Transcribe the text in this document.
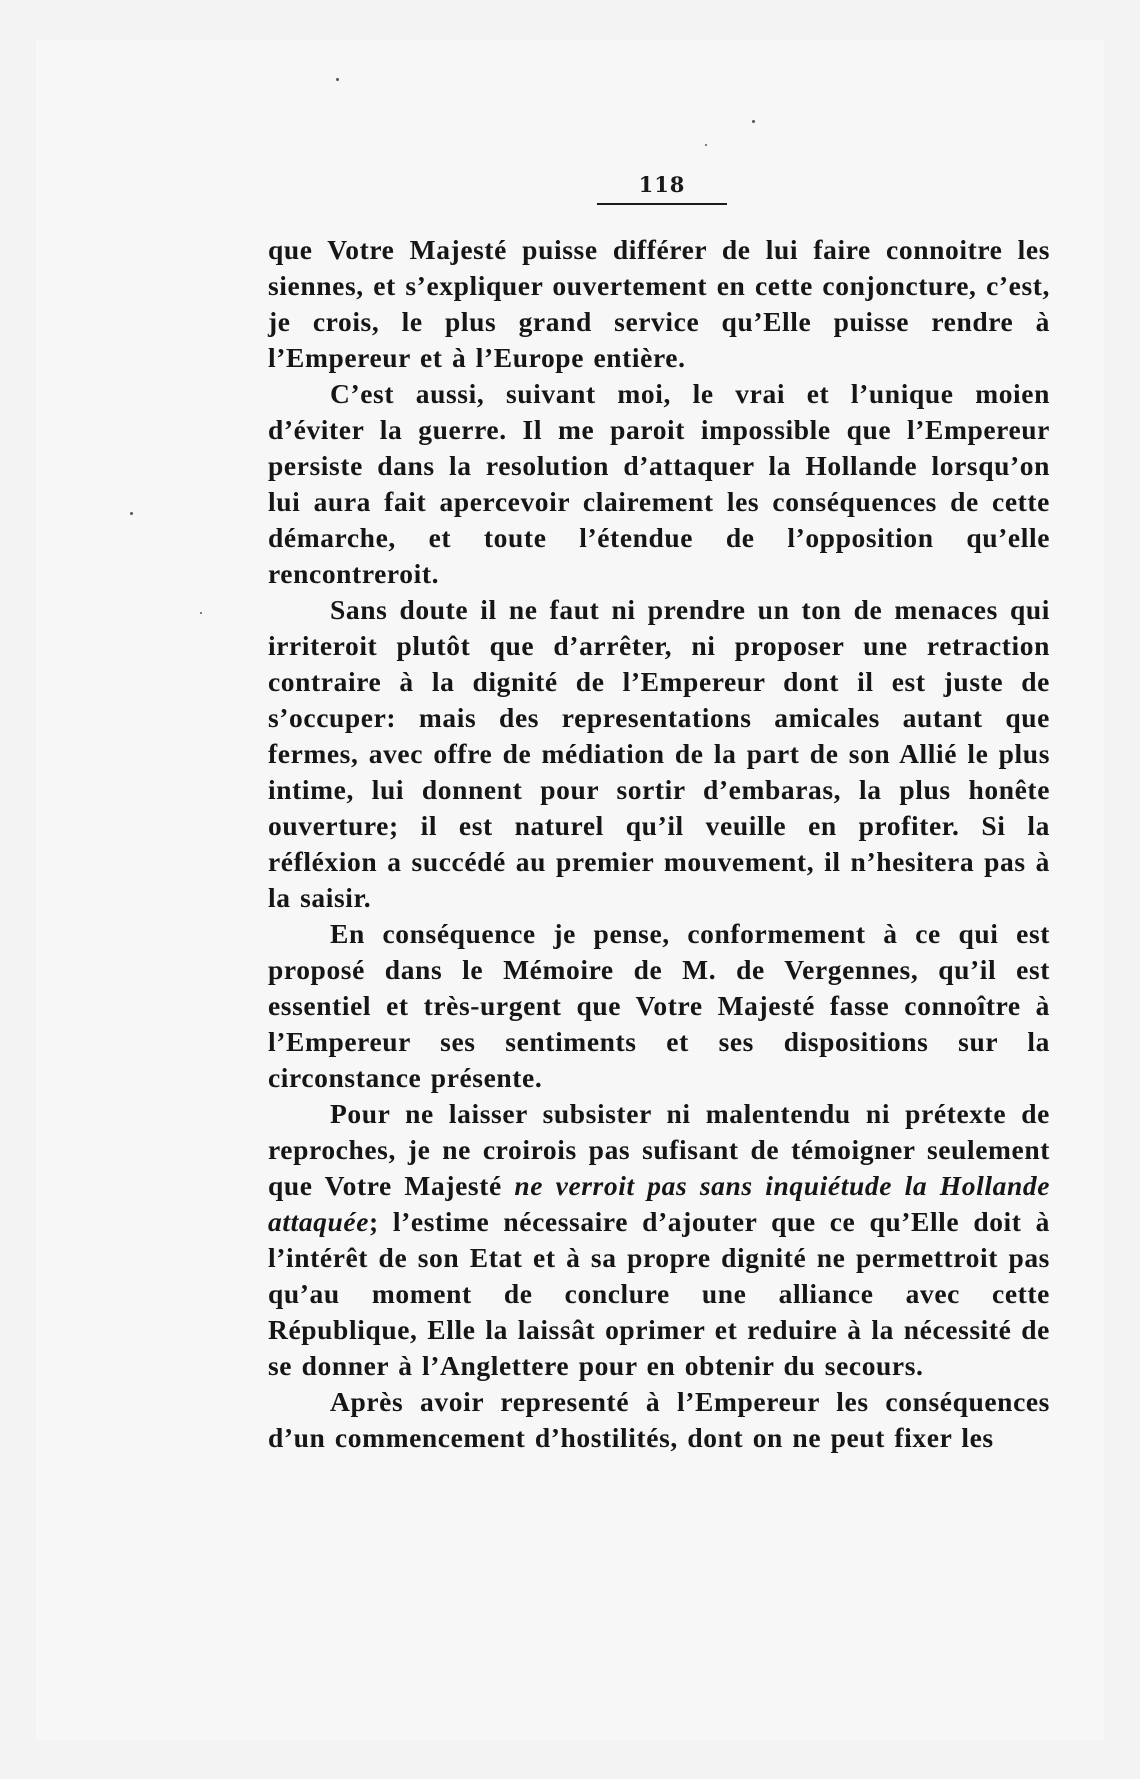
118

que Votre Majesté puisse différer de lui faire connoitre les siennes, et s’expliquer ouvertement en cette conjoncture, c’est, je crois, le plus grand service qu’Elle puisse rendre à l’Empereur et à l’Europe entière.

C’est aussi, suivant moi, le vrai et l’unique moien d’éviter la guerre. Il me paroit impossible que l’Empereur persiste dans la resolution d’attaquer la Hollande lorsqu’on lui aura fait apercevoir clairement les conséquences de cette démarche, et toute l’étendue de l’opposition qu’elle rencontreroit.

Sans doute il ne faut ni prendre un ton de menaces qui irriteroit plutôt que d’arrêter, ni proposer une retraction contraire à la dignité de l’Empereur dont il est juste de s’occuper: mais des representations amicales autant que fermes, avec offre de médiation de la part de son Allié le plus intime, lui donnent pour sortir d’embaras, la plus honête ouverture; il est naturel qu’il veuille en profiter. Si la réfléxion a succédé au premier mouvement, il n’hesitera pas à la saisir.

En conséquence je pense, conformement à ce qui est proposé dans le Mémoire de M. de Vergennes, qu’il est essentiel et très-urgent que Votre Majesté fasse connoître à l’Empereur ses sentiments et ses dispositions sur la circonstance présente.

Pour ne laisser subsister ni malentendu ni prétexte de reproches, je ne croirois pas sufisant de témoigner seulement que Votre Majesté ne verroit pas sans inquiétude la Hollande attaquée; l’estime nécessaire d’ajouter que ce qu’Elle doit à l’intérêt de son Etat et à sa propre dignité ne permettroit pas qu’au moment de conclure une alliance avec cette République, Elle la laissât oprimer et reduire à la nécessité de se donner à l’Anglettere pour en obtenir du secours.

Après avoir representé à l’Empereur les conséquences d’un commencement d’hostilités, dont on ne peut fixer les
